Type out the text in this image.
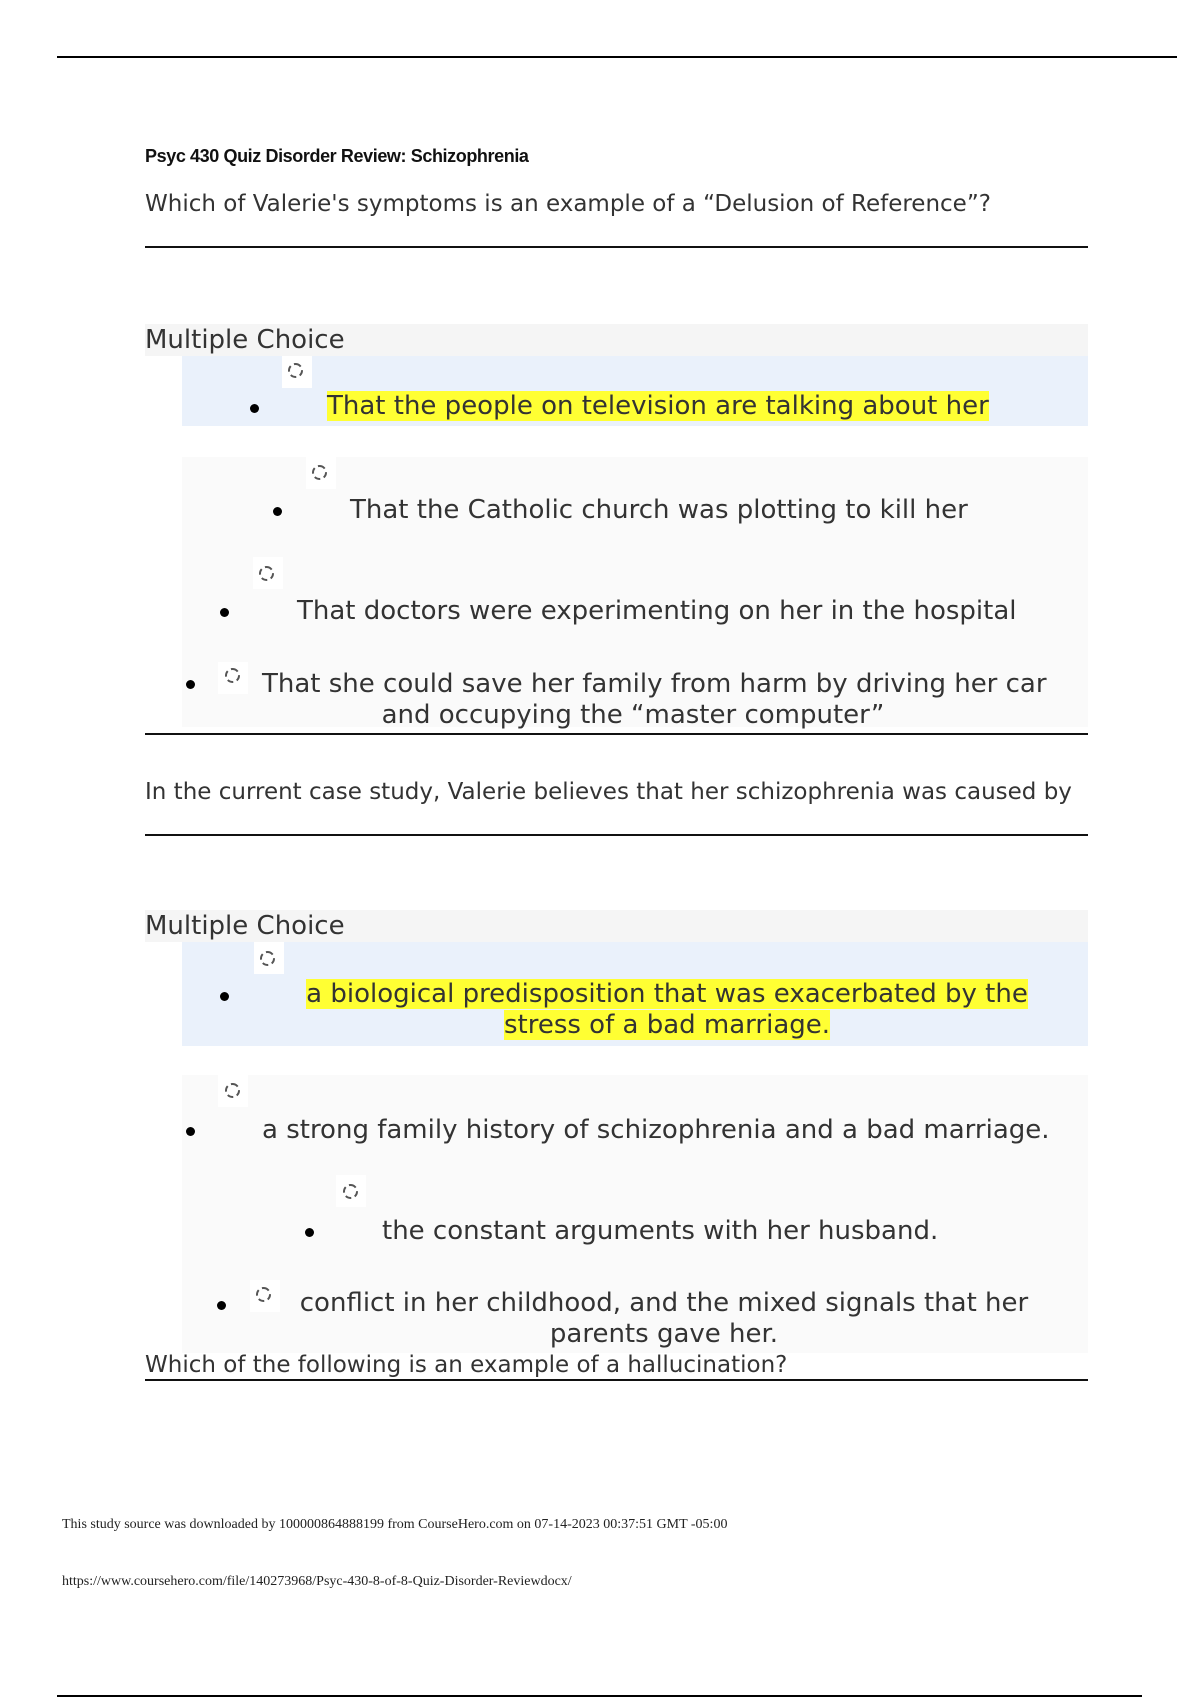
Psyc 430 Quiz Disorder Review: Schizophrenia
Which of Valerie's symptoms is an example of a “Delusion of Reference”?
Multiple Choice
That the people on television are talking about her
That the Catholic church was plotting to kill her
That doctors were experimenting on her in the hospital
That she could save her family from harm by driving her car
and occupying the “master computer”
In the current case study, Valerie believes that her schizophrenia was caused by
Multiple Choice
a biological predisposition that was exacerbated by the
stress of a bad marriage.
a strong family history of schizophrenia and a bad marriage.
the constant arguments with her husband.
conflict in her childhood, and the mixed signals that her
parents gave her.
Which of the following is an example of a hallucination?
This study source was downloaded by 100000864888199 from CourseHero.com on 07-14-2023 00:37:51 GMT -05:00
https://www.coursehero.com/file/140273968/Psyc-430-8-of-8-Quiz-Disorder-Reviewdocx/
